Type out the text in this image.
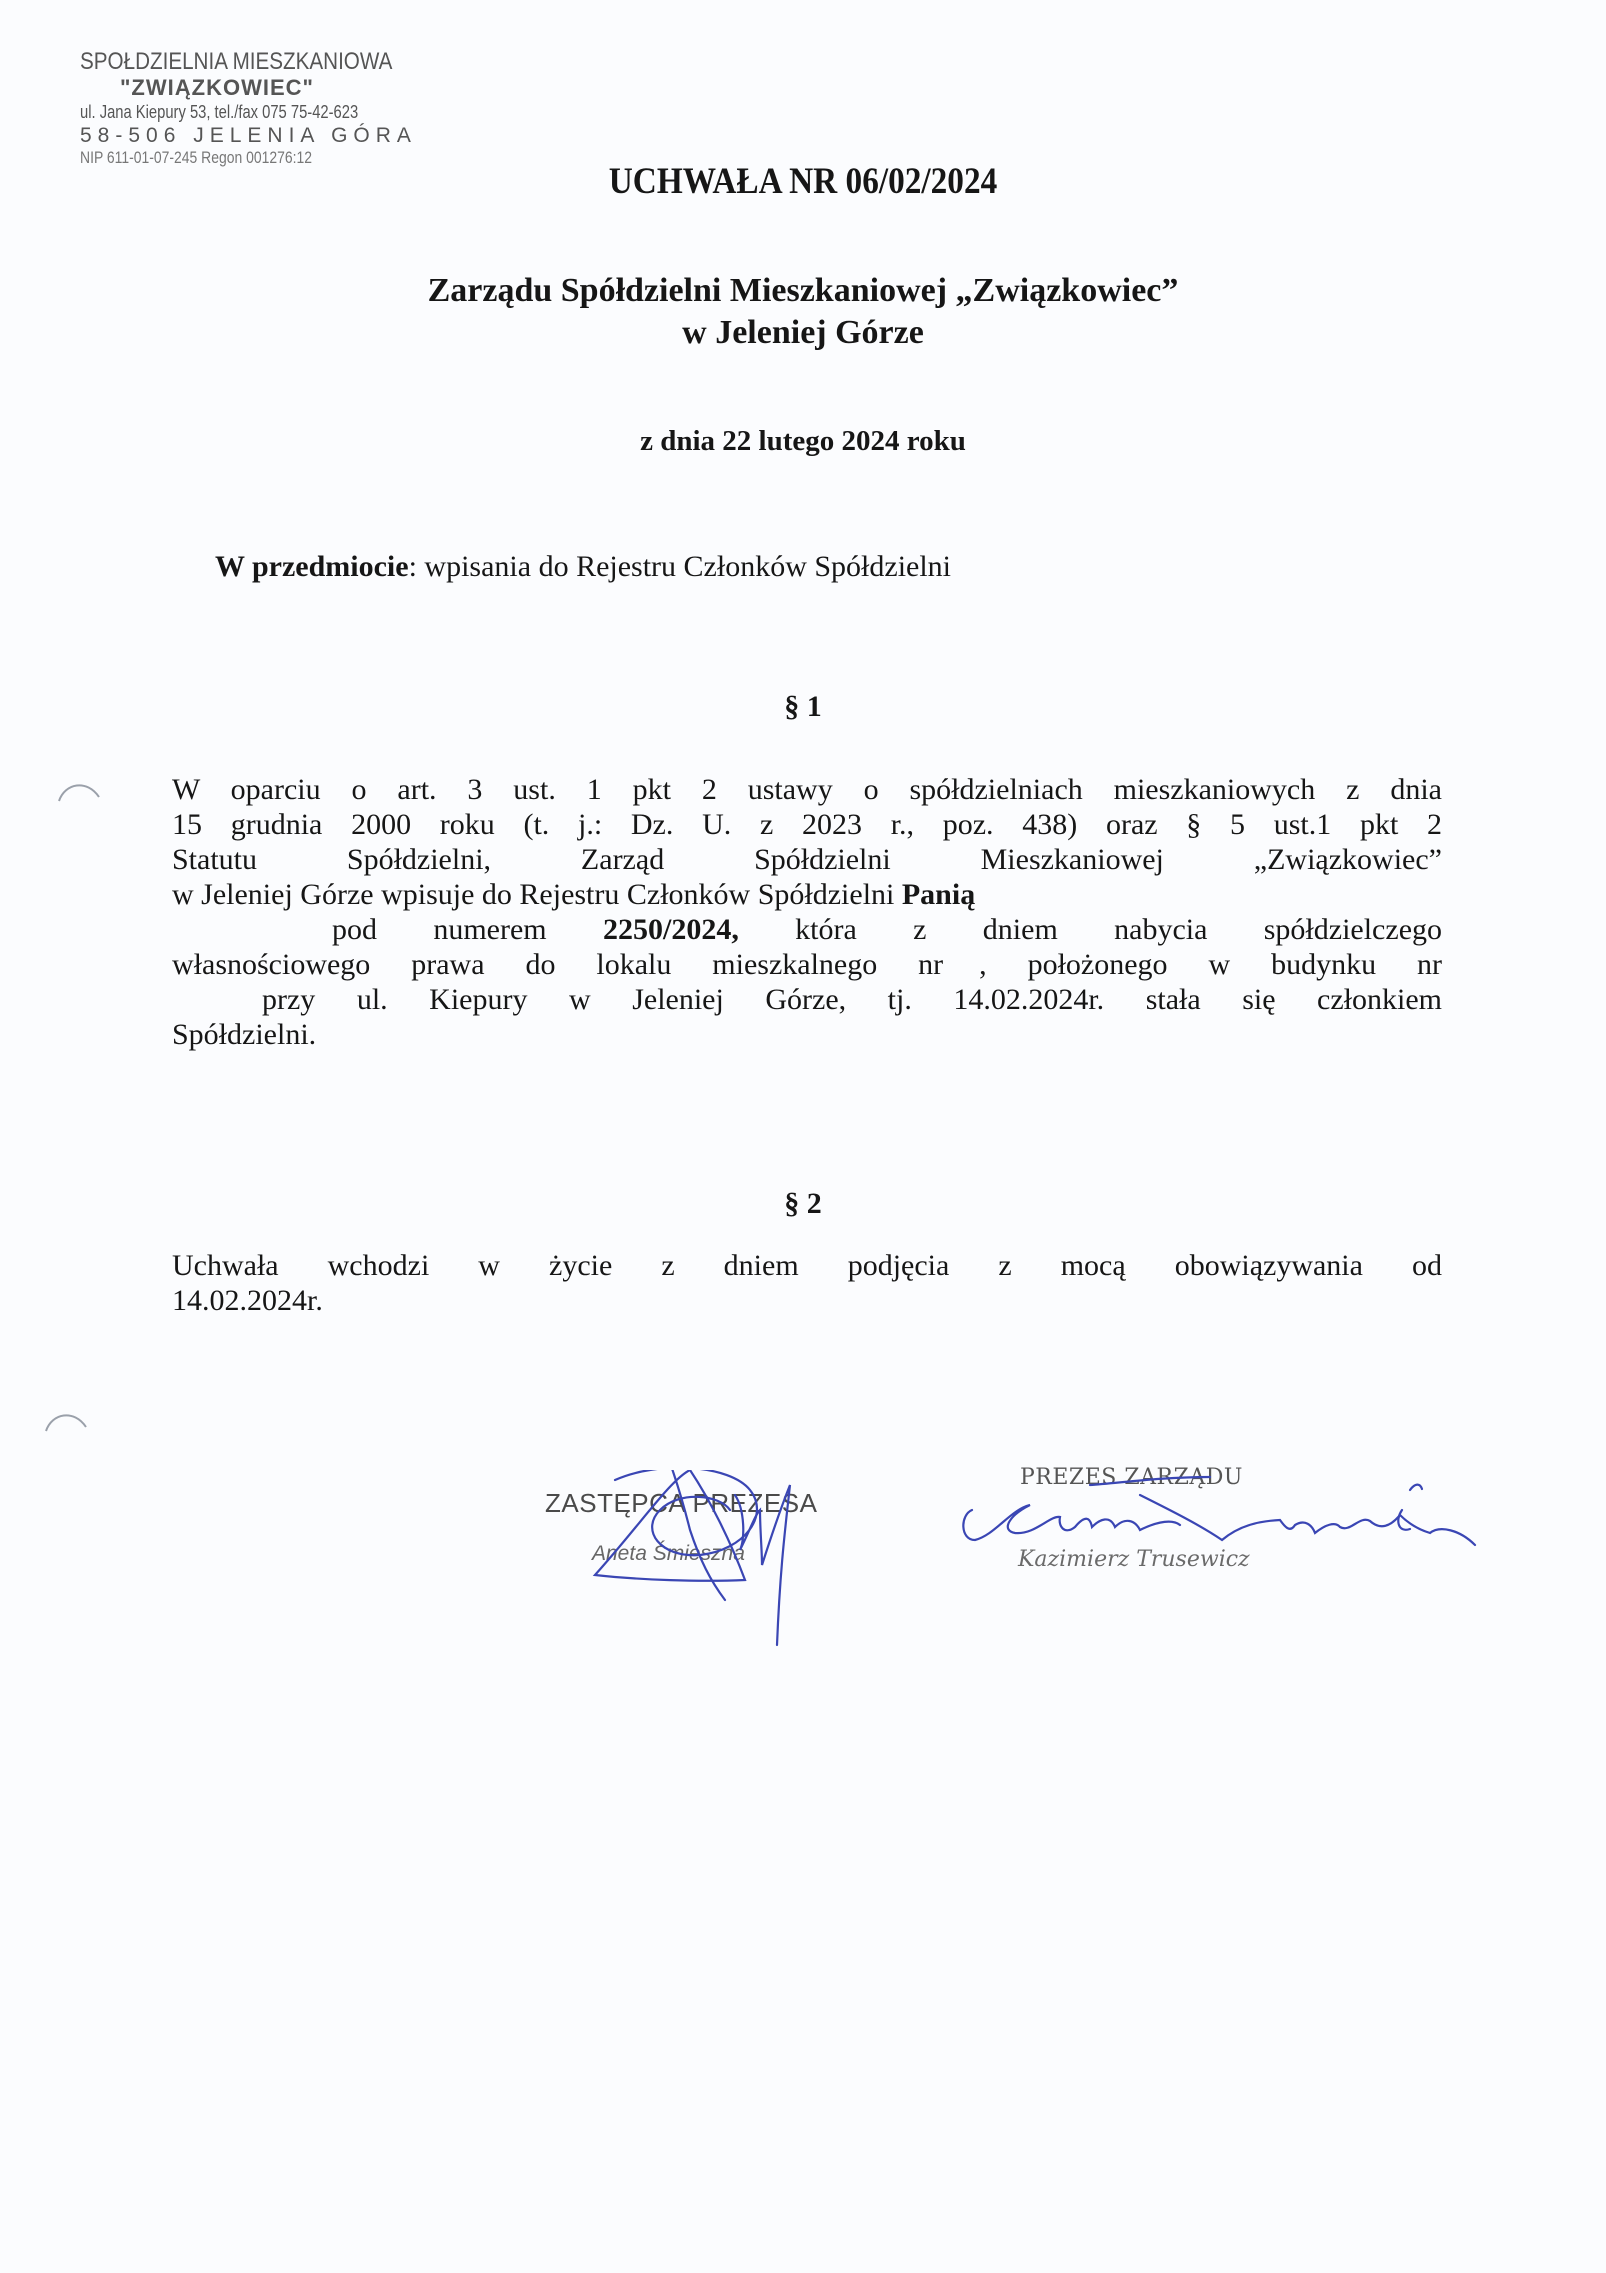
SPOŁDZIELNIA MIESZKANIOWA
"ZWIĄZKOWIEC"
ul. Jana Kiepury 53, tel./fax 075 75-42-623
58-506 JELENIA GÓRA
NIP 611-01-07-245 Regon 001276:12
UCHWAŁA NR 06/02/2024
Zarządu Spółdzielni Mieszkaniowej „Związkowiec”
w Jeleniej Górze
z dnia 22 lutego 2024 roku
W przedmiocie: wpisania do Rejestru Członków Spółdzielni
§ 1
W oparciu o art. 3 ust. 1 pkt 2 ustawy o spółdzielniach mieszkaniowych z dnia
15 grudnia 2000 roku (t. j.: Dz. U. z 2023 r., poz. 438) oraz § 5 ust.1 pkt 2
Statutu Spółdzielni, Zarząd Spółdzielni Mieszkaniowej „Związkowiec”
w Jeleniej Górze wpisuje do Rejestru Członków Spółdzielni Panią
pod numerem 2250/2024, która z dniem nabycia spółdzielczego
własnościowego prawa do lokalu mieszkalnego nr , położonego w budynku nr
przy ul. Kiepury w Jeleniej Górze, tj. 14.02.2024r. stała się członkiem
Spółdzielni.
§ 2
Uchwała wchodzi w życie z dniem podjęcia z mocą obowiązywania od
14.02.2024r.
ZASTĘPCA PREZESA
Aneta Śmieszna
PREZES ZARZĄDU
Kazimierz Trusewicz
